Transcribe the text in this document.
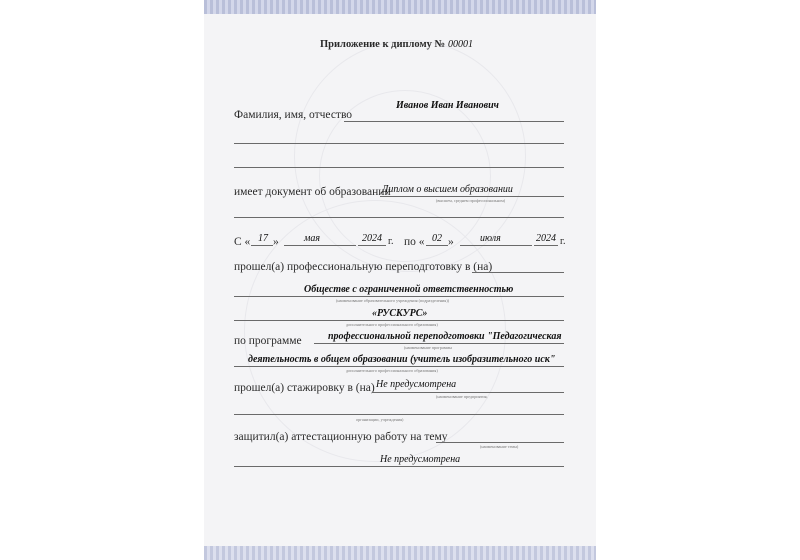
Приложение к диплому № 00001
Фамилия, имя, отчество
Иванов Иван Иванович
имеет документ об образовании
Диплом о высшем образовании
(высшем, среднем профессиональном)
С « 17 »	мая	2024 г. по « 02 »	июля	2024 г.
прошел(а) профессиональную переподготовку в (на)
Обществе с ограниченной ответственностью
(наименование образовательного учреждения (подразделения))
«РУСКУРС»
дополнительного профессионального образования)
по программе	профессиональной переподготовки "Педагогическая
(наименование программы
деятельность в общем образовании (учитель изобразительного иск"
дополнительного профессионального образования)
прошел(а) стажировку в (на) Не предусмотрена
(наименование предприятия,
организации, учреждения)
защитил(а) аттестационную работу на тему
(наименование темы)
Не предусмотрена
